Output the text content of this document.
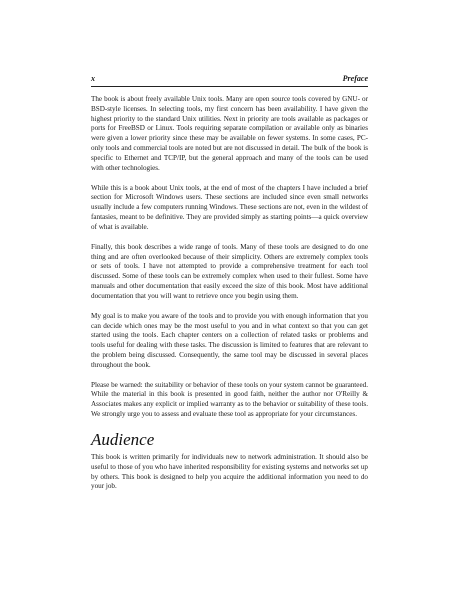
x	Preface

The book is about freely available Unix tools. Many are open source tools covered by GNU- or BSD-style licenses. In selecting tools, my first concern has been availability. I have given the highest priority to the standard Unix utilities. Next in priority are tools available as packages or ports for FreeBSD or Linux. Tools requiring separate compilation or available only as binaries were given a lower priority since these may be available on fewer systems. In some cases, PC-only tools and commercial tools are noted but are not discussed in detail. The bulk of the book is specific to Ethernet and TCP/IP, but the general approach and many of the tools can be used with other technologies.

While this is a book about Unix tools, at the end of most of the chapters I have included a brief section for Microsoft Windows users. These sections are included since even small networks usually include a few computers running Windows. These sections are not, even in the wildest of fantasies, meant to be definitive. They are provided simply as starting points—a quick overview of what is available.

Finally, this book describes a wide range of tools. Many of these tools are designed to do one thing and are often overlooked because of their simplicity. Others are extremely complex tools or sets of tools. I have not attempted to provide a comprehensive treatment for each tool discussed. Some of these tools can be extremely complex when used to their fullest. Some have manuals and other documentation that easily exceed the size of this book. Most have additional documentation that you will want to retrieve once you begin using them.

My goal is to make you aware of the tools and to provide you with enough information that you can decide which ones may be the most useful to you and in what context so that you can get started using the tools. Each chapter centers on a collection of related tasks or problems and tools useful for dealing with these tasks. The discussion is limited to features that are relevant to the problem being discussed. Consequently, the same tool may be discussed in several places throughout the book.

Please be warned: the suitability or behavior of these tools on your system cannot be guaranteed. While the material in this book is presented in good faith, neither the author nor O'Reilly & Associates makes any explicit or implied warranty as to the behavior or suitability of these tools. We strongly urge you to assess and evaluate these tool as appropriate for your circumstances.

Audience

This book is written primarily for individuals new to network administration. It should also be useful to those of you who have inherited responsibility for existing systems and networks set up by others. This book is designed to help you acquire the additional information you need to do your job.
